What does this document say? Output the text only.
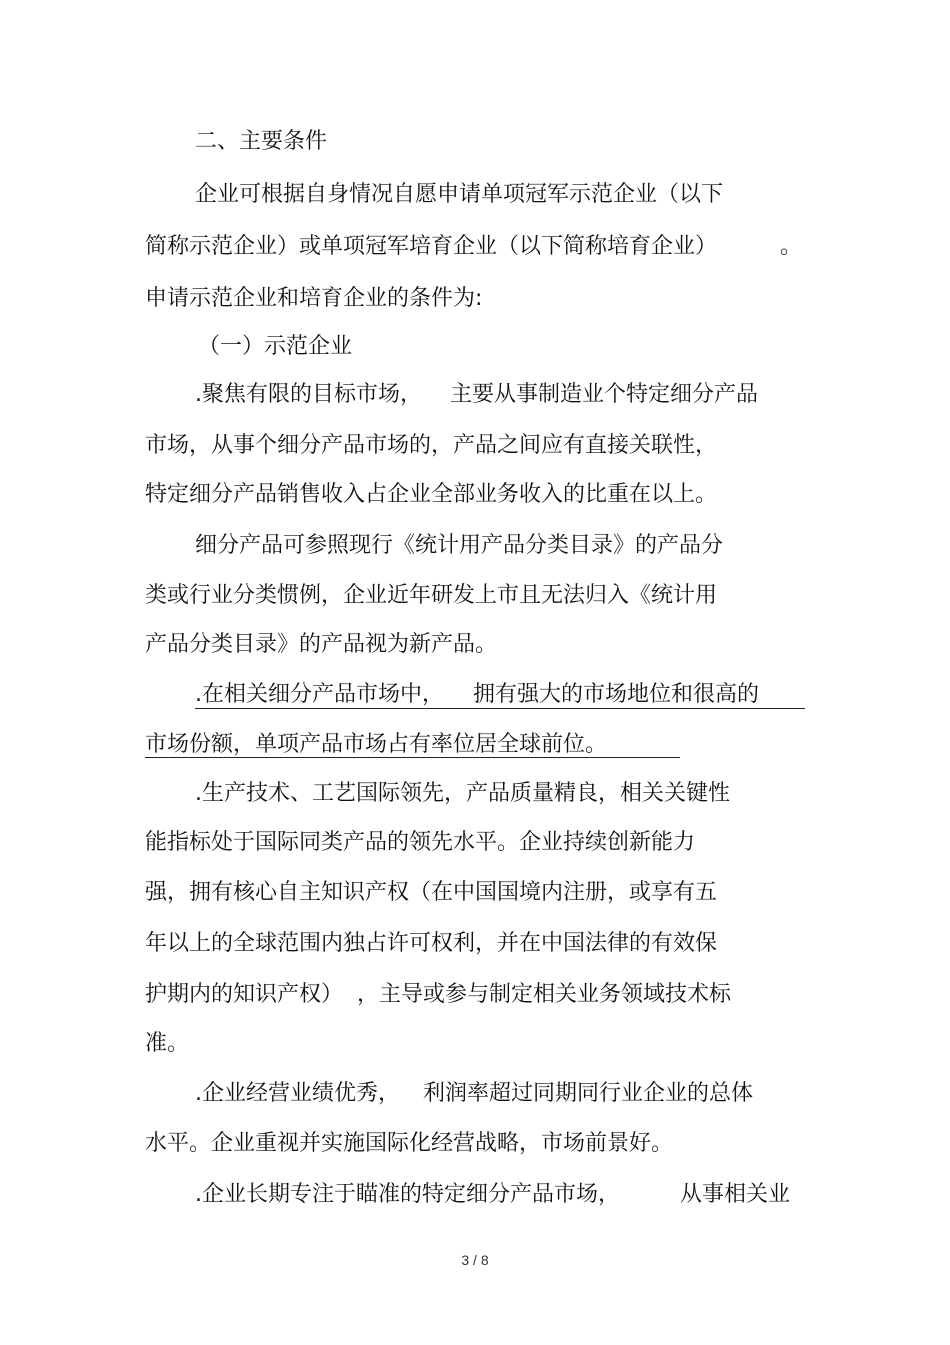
二、主要条件
企业可根据自身情况自愿申请单项冠军示范企业（以下
简称示范企业）或单项冠军培育企业（以下简称培育企业）	。
申请示范企业和培育企业的条件为:
（一）示范企业
.聚焦有限的目标市场， 主要从事制造业个特定细分产品
市场，从事个细分产品市场的，产品之间应有直接关联性，
特定细分产品销售收入占企业全部业务收入的比重在以上。
细分产品可参照现行《统计用产品分类目录》的产品分
类或行业分类惯例，企业近年研发上市且无法归入《统计用
产品分类目录》的产品视为新产品。
.在相关细分产品市场中， 拥有强大的市场地位和很高的
市场份额，单项产品市场占有率位居全球前位。
.生产技术、工艺国际领先，产品质量精良，相关关键性
能指标处于国际同类产品的领先水平。企业持续创新能力
强，拥有核心自主知识产权（在中国国境内注册，或享有五
年以上的全球范围内独占许可权利，并在中国法律的有效保
护期内的知识产权） ，主导或参与制定相关业务领域技术标
准。
.企业经营业绩优秀， 利润率超过同期同行业企业的总体
水平。企业重视并实施国际化经营战略，市场前景好。
.企业长期专注于瞄准的特定细分产品市场，	从事相关业
3 / 8
